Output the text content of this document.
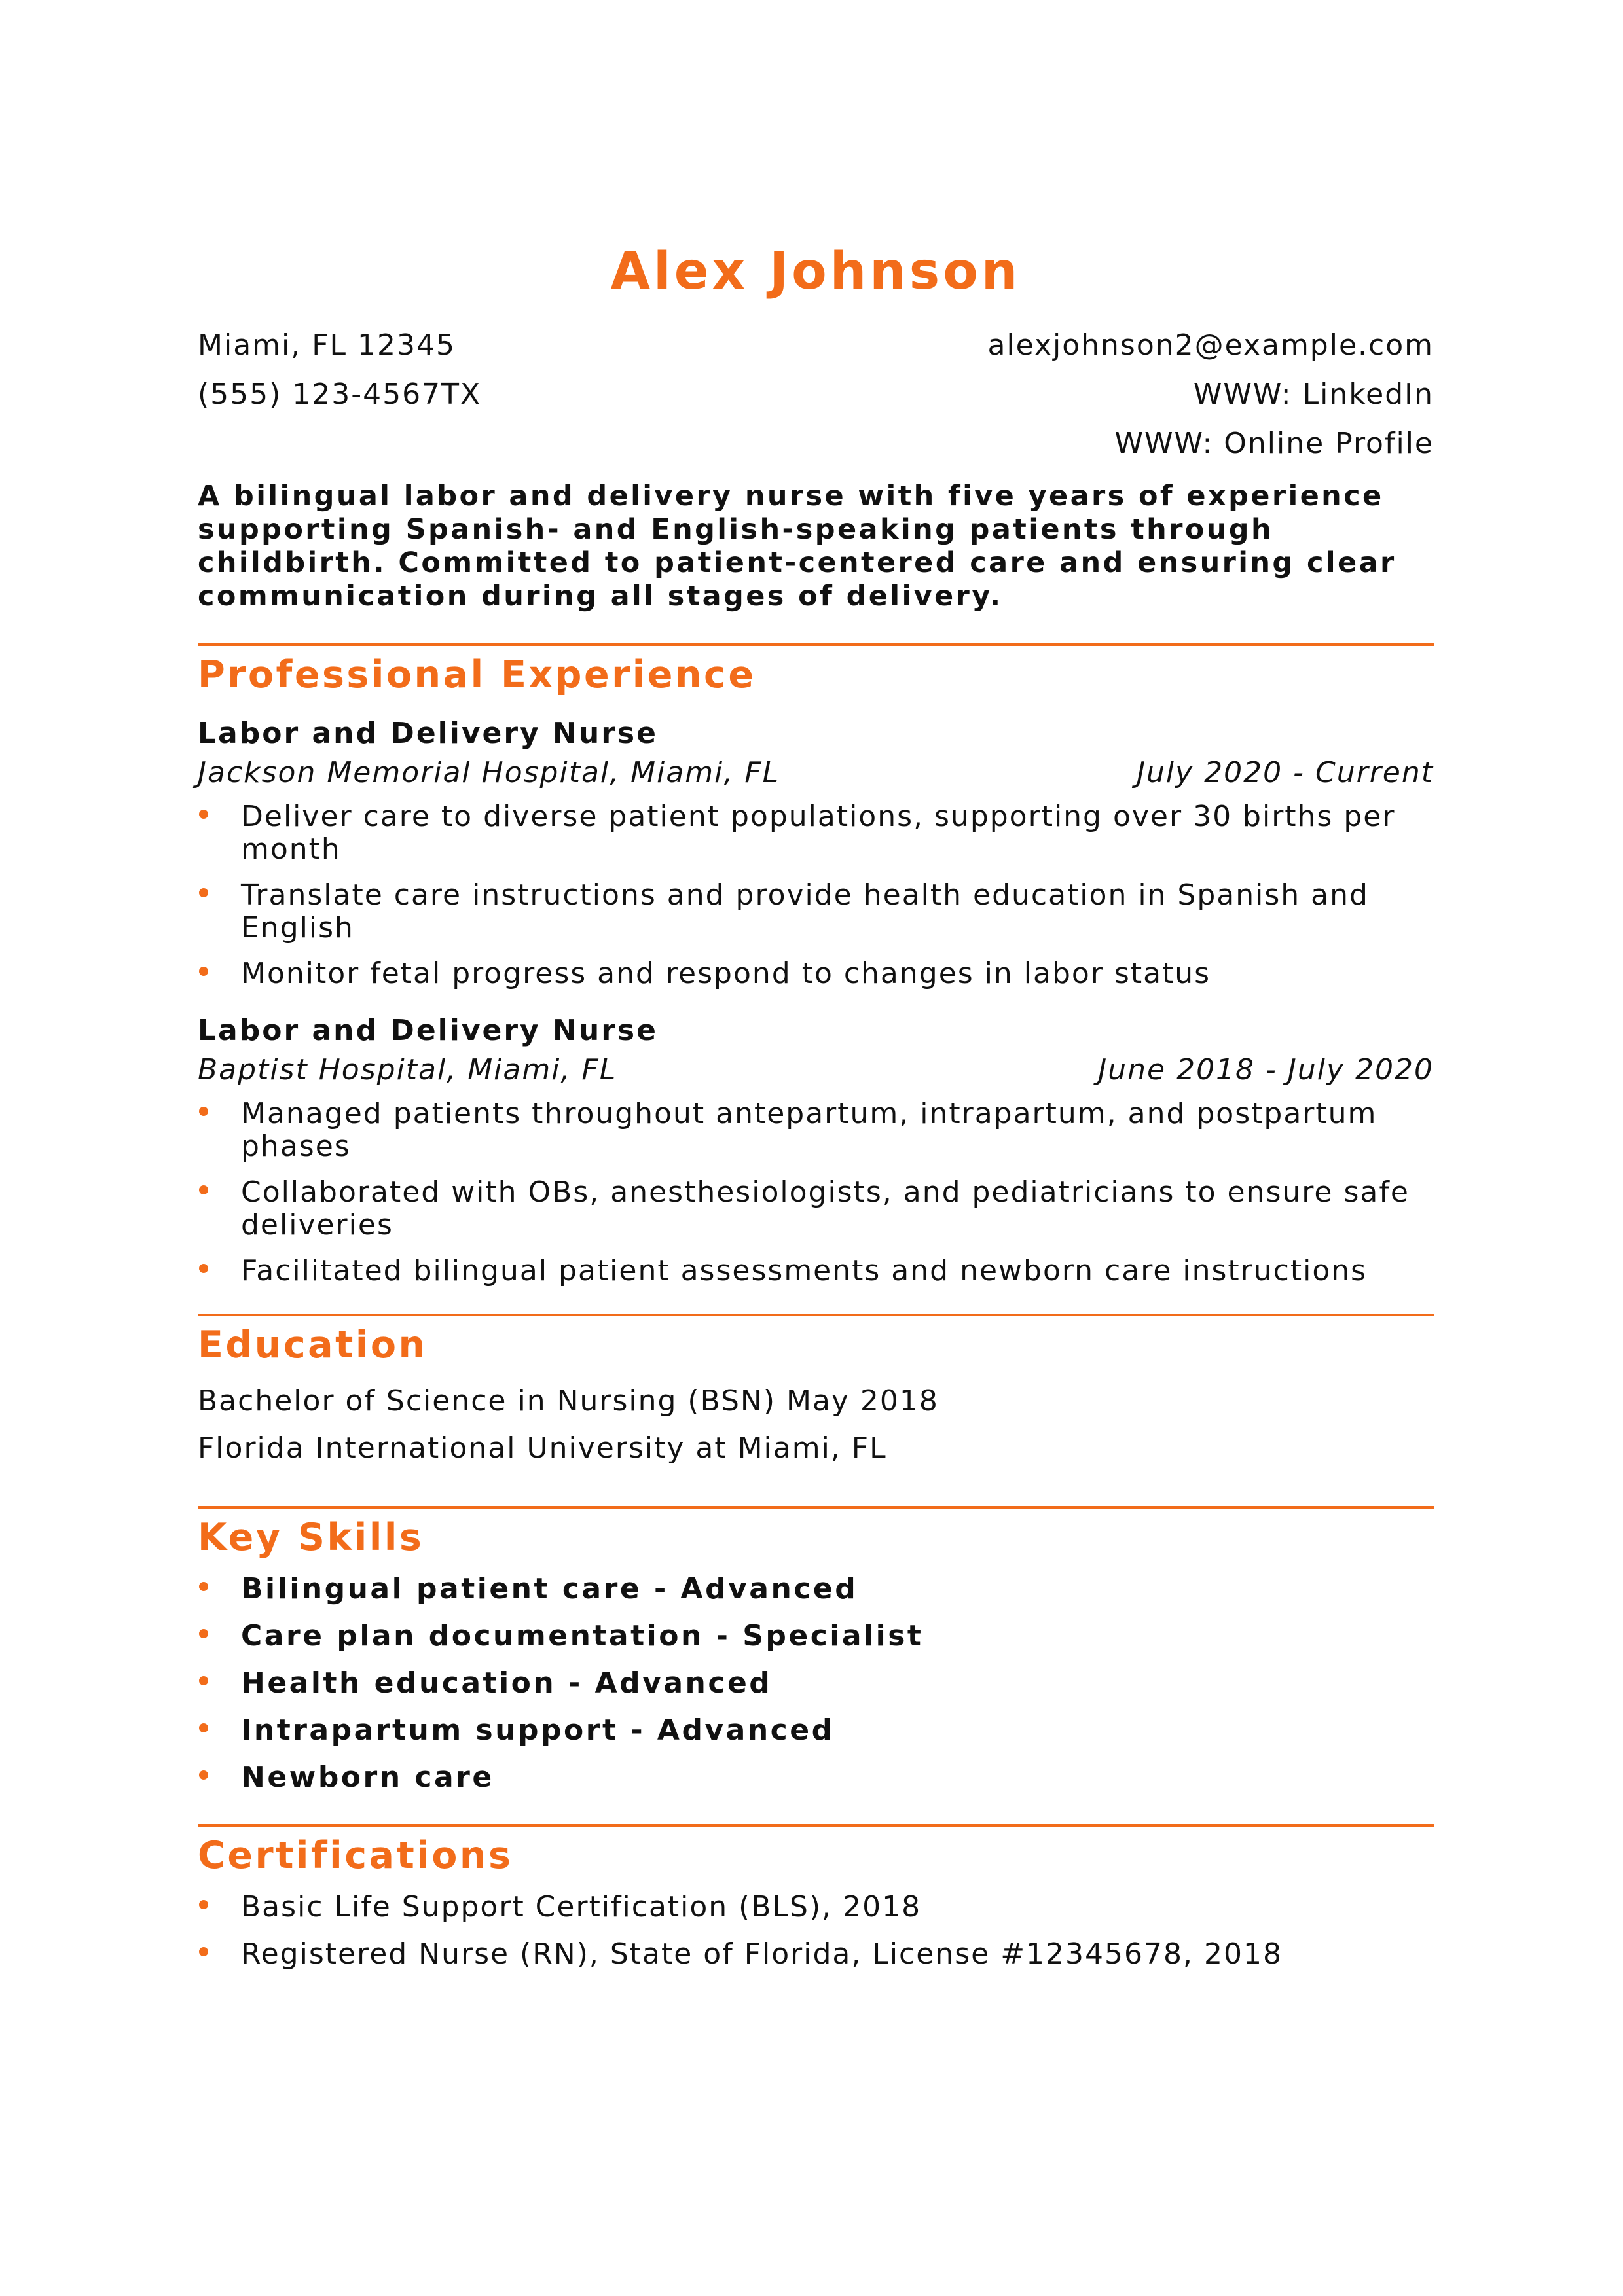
Alex Johnson
Miami, FL 12345
(555) 123-4567TX
alexjohnson2@example.com
WWW: LinkedIn
WWW: Online Profile
A bilingual labor and delivery nurse with five years of experience supporting Spanish- and English-speaking patients through childbirth. Committed to patient-centered care and ensuring clear communication during all stages of delivery.
Professional Experience
Labor and Delivery Nurse
Jackson Memorial Hospital, Miami, FL	July 2020 - Current
Deliver care to diverse patient populations, supporting over 30 births per month
Translate care instructions and provide health education in Spanish and English
Monitor fetal progress and respond to changes in labor status
Labor and Delivery Nurse
Baptist Hospital, Miami, FL	June 2018 - July 2020
Managed patients throughout antepartum, intrapartum, and postpartum phases
Collaborated with OBs, anesthesiologists, and pediatricians to ensure safe deliveries
Facilitated bilingual patient assessments and newborn care instructions
Education
Bachelor of Science in Nursing (BSN) May 2018
Florida International University at Miami, FL
Key Skills
Bilingual patient care - Advanced
Care plan documentation - Specialist
Health education - Advanced
Intrapartum support - Advanced
Newborn care
Certifications
Basic Life Support Certification (BLS), 2018
Registered Nurse (RN), State of Florida, License #12345678, 2018
